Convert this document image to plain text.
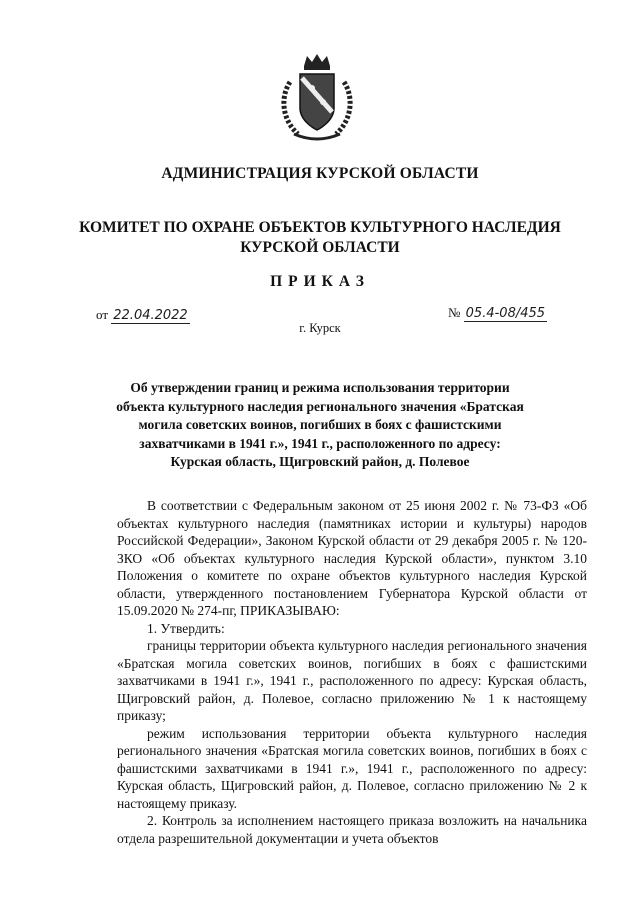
АДМИНИСТРАЦИЯ КУРСКОЙ ОБЛАСТИ
КОМИТЕТ ПО ОХРАНЕ ОБЪЕКТОВ КУЛЬТУРНОГО НАСЛЕДИЯ
КУРСКОЙ ОБЛАСТИ
ПРИКАЗ
от 22.04.2022	№ 05.4-08/455
г. Курск
Об утверждении границ и режима использования территории
объекта культурного наследия регионального значения «Братская
могила советских воинов, погибших в боях с фашистскими
захватчиками в 1941 г.», 1941 г., расположенного по адресу:
Курская область, Щигровский район, д. Полевое

В соответствии с Федеральным законом от 25 июня 2002 г. № 73-ФЗ «Об объектах культурного наследия (памятниках истории и культуры) народов Российской Федерации», Законом Курской области от 29 декабря 2005 г. № 120-ЗКО «Об объектах культурного наследия Курской области», пунктом 3.10 Положения о комитете по охране объектов культурного наследия Курской области, утвержденного постановлением Губернатора Курской области от 15.09.2020 № 274-пг, ПРИКАЗЫВАЮ:

1. Утвердить:

границы территории объекта культурного наследия регионального значения «Братская могила советских воинов, погибших в боях с фашистскими захватчиками в 1941 г.», 1941 г., расположенного по адресу: Курская область, Щигровский район, д. Полевое, согласно приложению № 1 к настоящему приказу;

режим использования территории объекта культурного наследия регионального значения «Братская могила советских воинов, погибших в боях с фашистскими захватчиками в 1941 г.», 1941 г., расположенного по адресу: Курская область, Щигровский район, д. Полевое, согласно приложению № 2 к настоящему приказу.

2. Контроль за исполнением настоящего приказа возложить на начальника отдела разрешительной документации и учета объектов
